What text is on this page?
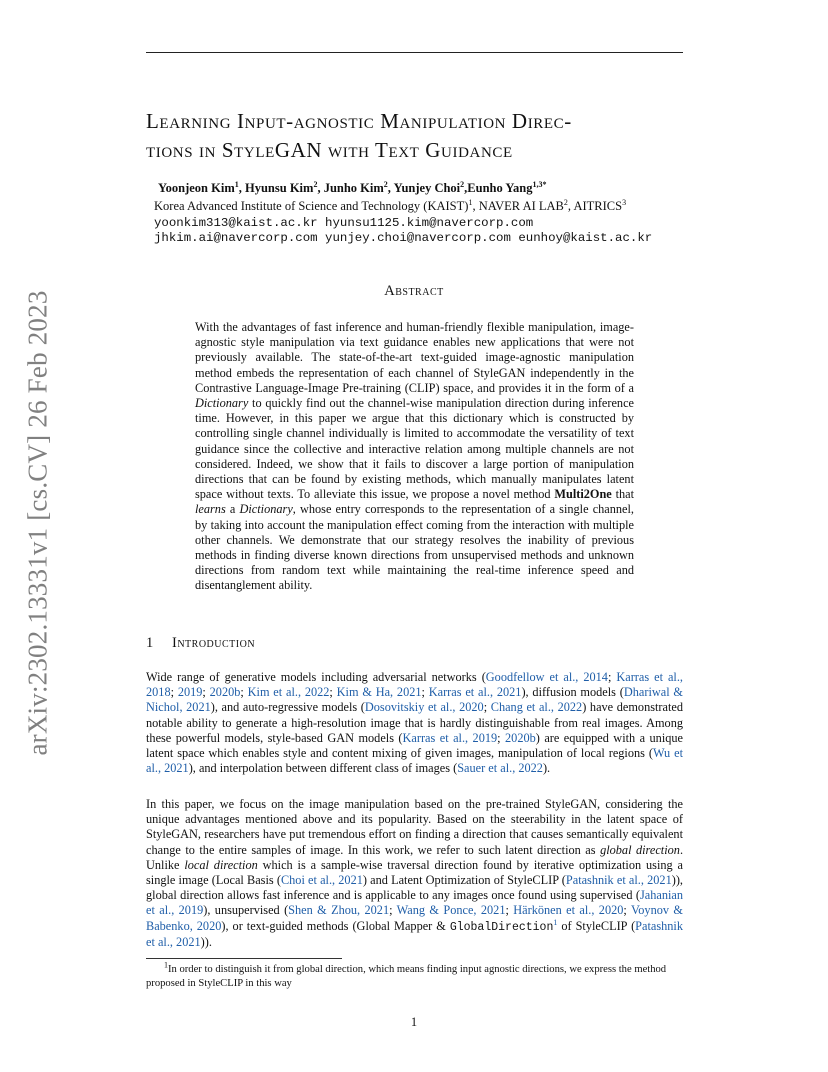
arXiv:2302.13331v1 [cs.CV] 26 Feb 2023
Learning Input-agnostic Manipulation Direc-
tions in StyleGAN with Text Guidance
Yoonjeon Kim$^1$, Hyunsu Kim$^2$, Junho Kim$^2$, Yunjey Choi$^2$,Eunho Yang$^{1,3*}$
Korea Advanced Institute of Science and Technology (KAIST)$^1$, NAVER AI LAB$^2$, AITRICS$^3$
yoonkim313@kaist.ac.kr hyunsu1125.kim@navercorp.com
jhkim.ai@navercorp.com yunjey.choi@navercorp.com eunhoy@kaist.ac.kr
Abstract
With the advantages of fast inference and human-friendly flexible manipulation, image-agnostic style manipulation via text guidance enables new applications that were not previously available. The state-of-the-art text-guided image-agnostic manipulation method embeds the representation of each channel of StyleGAN independently in the Contrastive Language-Image Pre-training (CLIP) space, and provides it in the form of a Dictionary to quickly find out the channel-wise manipulation direction during inference time. However, in this paper we argue that this dictionary which is constructed by controlling single channel individually is limited to accommodate the versatility of text guidance since the collective and interactive relation among multiple channels are not considered. Indeed, we show that it fails to discover a large portion of manipulation directions that can be found by existing methods, which manually manipulates latent space without texts. To alleviate this issue, we propose a novel method Multi2One that learns a Dictionary, whose entry corresponds to the representation of a single channel, by taking into account the manipulation effect coming from the interaction with multiple other channels. We demonstrate that our strategy resolves the inability of previous methods in finding diverse known directions from unsupervised methods and unknown directions from random text while maintaining the real-time inference speed and disentanglement ability.
1 Introduction

Wide range of generative models including adversarial networks (Goodfellow et al., 2014; Karras et al., 2018; 2019; 2020b; Kim et al., 2022; Kim & Ha, 2021; Karras et al., 2021), diffusion models (Dhariwal & Nichol, 2021), and auto-regressive models (Dosovitskiy et al., 2020; Chang et al., 2022) have demonstrated notable ability to generate a high-resolution image that is hardly distinguishable from real images. Among these powerful models, style-based GAN models (Karras et al., 2019; 2020b) are equipped with a unique latent space which enables style and content mixing of given images, manipulation of local regions (Wu et al., 2021), and interpolation between different class of images (Sauer et al., 2022).

In this paper, we focus on the image manipulation based on the pre-trained StyleGAN, considering the unique advantages mentioned above and its popularity. Based on the steerability in the latent space of StyleGAN, researchers have put tremendous effort on finding a direction that causes semantically equivalent change to the entire samples of image. In this work, we refer to such latent direction as global direction. Unlike local direction which is a sample-wise traversal direction found by iterative optimization using a single image (Local Basis (Choi et al., 2021) and Latent Optimization of StyleCLIP (Patashnik et al., 2021)), global direction allows fast inference and is applicable to any images once found using supervised (Jahanian et al., 2019), unsupervised (Shen & Zhou, 2021; Wang & Ponce, 2021; Härkönen et al., 2020; Voynov & Babenko, 2020), or text-guided methods (Global Mapper & GlobalDirection$^1$ of StyleCLIP (Patashnik et al., 2021)).

$^1$In order to distinguish it from global direction, which means finding input agnostic directions, we express the method proposed in StyleCLIP in this way
1
